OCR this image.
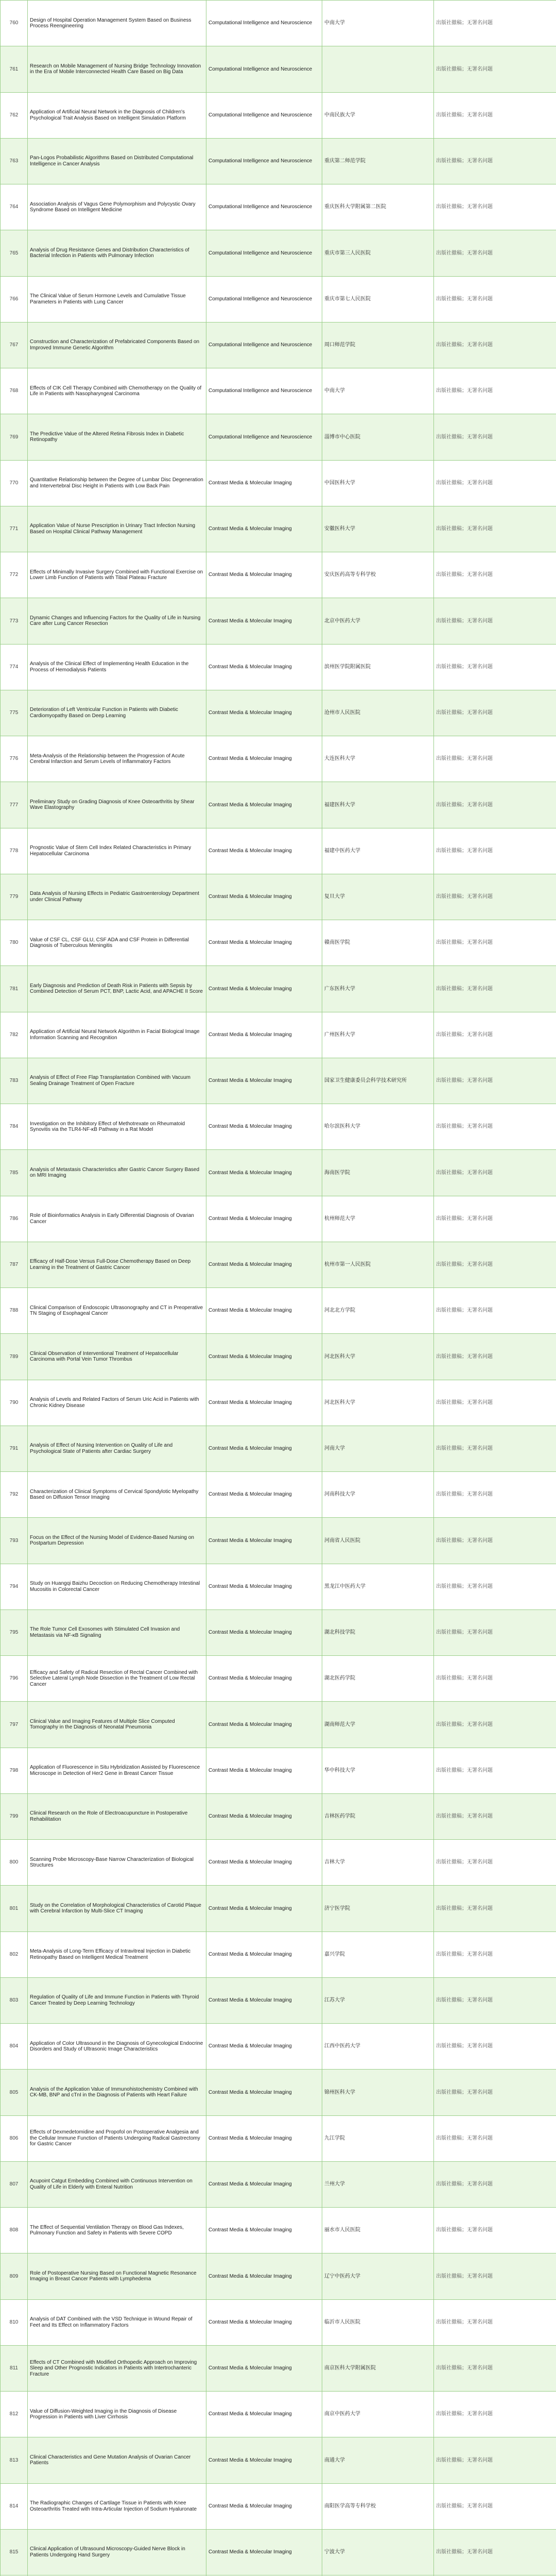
760	Design of Hospital Operation Management System Based on Business Process Reengineering	Computational Intelligence and Neuroscience	中南大学	出版社撤稿；无署名问题
761	Research on Mobile Management of Nursing Bridge Technology Innovation in the Era of Mobile Interconnected Health Care Based on Big Data	Computational Intelligence and Neuroscience		出版社撤稿；无署名问题
762	Application of Artificial Neural Network in the Diagnosis of Children's Psychological Trait Analysis Based on Intelligent Simulation Platform	Computational Intelligence and Neuroscience	中南民族大学	出版社撤稿；无署名问题
763	Pan-Logos Probabilistic Algorithms Based on Distributed Computational Intelligence in Cancer Analysis	Computational Intelligence and Neuroscience	重庆第二师范学院	出版社撤稿；无署名问题
764	Association Analysis of Vagus Gene Polymorphism and Polycystic Ovary Syndrome Based on Intelligent Medicine	Computational Intelligence and Neuroscience	重庆医科大学附属第二医院	出版社撤稿；无署名问题
765	Analysis of Drug Resistance Genes and Distribution Characteristics of Bacterial Infection in Patients with Pulmonary Infection	Computational Intelligence and Neuroscience	重庆市第三人民医院	出版社撤稿；无署名问题
766	The Clinical Value of Serum Hormone Levels and Cumulative Tissue Parameters in Patients with Lung Cancer	Computational Intelligence and Neuroscience	重庆市第七人民医院	出版社撤稿；无署名问题
767	Construction and Characterization of Prefabricated Components Based on Improved Immune Genetic Algorithm	Computational Intelligence and Neuroscience	周口师范学院	出版社撤稿；无署名问题
768	Effects of CIK Cell Therapy Combined with Chemotherapy on the Quality of Life in Patients with Nasopharyngeal Carcinoma	Computational Intelligence and Neuroscience	中南大学	出版社撤稿；无署名问题
769	The Predictive Value of the Altered Retina Fibrosis Index in Diabetic Retinopathy	Computational Intelligence and Neuroscience	淄博市中心医院	出版社撤稿；无署名问题
770	Quantitative Relationship between the Degree of Lumbar Disc Degeneration and Intervertebral Disc Height in Patients with Low Back Pain	Contrast Media & Molecular Imaging	中国医科大学	出版社撤稿；无署名问题
771	Application Value of Nurse Prescription in Urinary Tract Infection Nursing Based on Hospital Clinical Pathway Management	Contrast Media & Molecular Imaging	安徽医科大学	出版社撤稿；无署名问题
772	Effects of Minimally Invasive Surgery Combined with Functional Exercise on Lower Limb Function of Patients with Tibial Plateau Fracture	Contrast Media & Molecular Imaging	安庆医药高等专科学校	出版社撤稿；无署名问题
773	Dynamic Changes and Influencing Factors for the Quality of Life in Nursing Care after Lung Cancer Resection	Contrast Media & Molecular Imaging	北京中医药大学	出版社撤稿；无署名问题
774	Analysis of the Clinical Effect of Implementing Health Education in the Process of Hemodialysis Patients	Contrast Media & Molecular Imaging	滨州医学院附属医院	出版社撤稿；无署名问题
775	Deterioration of Left Ventricular Function in Patients with Diabetic Cardiomyopathy Based on Deep Learning	Contrast Media & Molecular Imaging	沧州市人民医院	出版社撤稿；无署名问题
776	Meta-Analysis of the Relationship between the Progression of Acute Cerebral Infarction and Serum Levels of Inflammatory Factors	Contrast Media & Molecular Imaging	大连医科大学	出版社撤稿；无署名问题
777	Preliminary Study on Grading Diagnosis of Knee Osteoarthritis by Shear Wave Elastography	Contrast Media & Molecular Imaging	福建医科大学	出版社撤稿；无署名问题
778	Prognostic Value of Stem Cell Index Related Characteristics in Primary Hepatocellular Carcinoma	Contrast Media & Molecular Imaging	福建中医药大学	出版社撤稿；无署名问题
779	Data Analysis of Nursing Effects in Pediatric Gastroenterology Department under Clinical Pathway	Contrast Media & Molecular Imaging	复旦大学	出版社撤稿；无署名问题
780	Value of CSF CL, CSF GLU, CSF ADA and CSF Protein in Differential Diagnosis of Tuberculous Meningitis	Contrast Media & Molecular Imaging	赣南医学院	出版社撤稿；无署名问题
781	Early Diagnosis and Prediction of Death Risk in Patients with Sepsis by Combined Detection of Serum PCT, BNP, Lactic Acid, and APACHE II Score	Contrast Media & Molecular Imaging	广东医科大学	出版社撤稿；无署名问题
782	Application of Artificial Neural Network Algorithm in Facial Biological Image Information Scanning and Recognition	Contrast Media & Molecular Imaging	广州医科大学	出版社撤稿；无署名问题
783	Analysis of Effect of Free Flap Transplantation Combined with Vacuum Sealing Drainage Treatment of Open Fracture	Contrast Media & Molecular Imaging	国家卫生健康委员会科学技术研究所	出版社撤稿；无署名问题
784	Investigation on the Inhibitory Effect of Methotrexate on Rheumatoid Synovitis via the TLR4-NF-κB Pathway in a Rat Model	Contrast Media & Molecular Imaging	哈尔滨医科大学	出版社撤稿；无署名问题
785	Analysis of Metastasis Characteristics after Gastric Cancer Surgery Based on MRI Imaging	Contrast Media & Molecular Imaging	海南医学院	出版社撤稿；无署名问题
786	Role of Bioinformatics Analysis in Early Differential Diagnosis of Ovarian Cancer	Contrast Media & Molecular Imaging	杭州师范大学	出版社撤稿；无署名问题
787	Efficacy of Half-Dose Versus Full-Dose Chemotherapy Based on Deep Learning in the Treatment of Gastric Cancer	Contrast Media & Molecular Imaging	杭州市第一人民医院	出版社撤稿；无署名问题
788	Clinical Comparison of Endoscopic Ultrasonography and CT in Preoperative TN Staging of Esophageal Cancer	Contrast Media & Molecular Imaging	河北北方学院	出版社撤稿；无署名问题
789	Clinical Observation of Interventional Treatment of Hepatocellular Carcinoma with Portal Vein Tumor Thrombus	Contrast Media & Molecular Imaging	河北医科大学	出版社撤稿；无署名问题
790	Analysis of Levels and Related Factors of Serum Uric Acid in Patients with Chronic Kidney Disease	Contrast Media & Molecular Imaging	河北医科大学	出版社撤稿；无署名问题
791	Analysis of Effect of Nursing Intervention on Quality of Life and Psychological State of Patients after Cardiac Surgery	Contrast Media & Molecular Imaging	河南大学	出版社撤稿；无署名问题
792	Characterization of Clinical Symptoms of Cervical Spondylotic Myelopathy Based on Diffusion Tensor Imaging	Contrast Media & Molecular Imaging	河南科技大学	出版社撤稿；无署名问题
793	Focus on the Effect of the Nursing Model of Evidence-Based Nursing on Postpartum Depression	Contrast Media & Molecular Imaging	河南省人民医院	出版社撤稿；无署名问题
794	Study on Huangqi Baizhu Decoction on Reducing Chemotherapy Intestinal Mucositis in Colorectal Cancer	Contrast Media & Molecular Imaging	黑龙江中医药大学	出版社撤稿；无署名问题
795	The Role Tumor Cell Exosomes with Stimulated Cell Invasion and Metastasis via NF-κB Signaling	Contrast Media & Molecular Imaging	湖北科技学院	出版社撤稿；无署名问题
796	Efficacy and Safety of Radical Resection of Rectal Cancer Combined with Selective Lateral Lymph Node Dissection in the Treatment of Low Rectal Cancer	Contrast Media & Molecular Imaging	湖北医药学院	出版社撤稿；无署名问题
797	Clinical Value and Imaging Features of Multiple Slice Computed Tomography in the Diagnosis of Neonatal Pneumonia	Contrast Media & Molecular Imaging	湖南师范大学	出版社撤稿；无署名问题
798	Application of Fluorescence in Situ Hybridization Assisted by Fluorescence Microscope in Detection of Her2 Gene in Breast Cancer Tissue	Contrast Media & Molecular Imaging	华中科技大学	出版社撤稿；无署名问题
799	Clinical Research on the Role of Electroacupuncture in Postoperative Rehabilitation	Contrast Media & Molecular Imaging	吉林医药学院	出版社撤稿；无署名问题
800	Scanning Probe Microscopy-Base Narrow Characterization of Biological Structures	Contrast Media & Molecular Imaging	吉林大学	出版社撤稿；无署名问题
801	Study on the Correlation of Morphological Characteristics of Carotid Plaque with Cerebral Infarction by Multi-Slice CT Imaging	Contrast Media & Molecular Imaging	济宁医学院	出版社撤稿；无署名问题
802	Meta-Analysis of Long-Term Efficacy of Intravitreal Injection in Diabetic Retinopathy Based on Intelligent Medical Treatment	Contrast Media & Molecular Imaging	嘉兴学院	出版社撤稿；无署名问题
803	Regulation of Quality of Life and Immune Function in Patients with Thyroid Cancer Treated by Deep Learning Technology	Contrast Media & Molecular Imaging	江苏大学	出版社撤稿；无署名问题
804	Application of Color Ultrasound in the Diagnosis of Gynecological Endocrine Disorders and Study of Ultrasonic Image Characteristics	Contrast Media & Molecular Imaging	江西中医药大学	出版社撤稿；无署名问题
805	Analysis of the Application Value of Immunohistochemistry Combined with CK-MB, BNP and cTnI in the Diagnosis of Patients with Heart Failure	Contrast Media & Molecular Imaging	锦州医科大学	出版社撤稿；无署名问题
806	Effects of Dexmedetomidine and Propofol on Postoperative Analgesia and the Cellular Immune Function of Patients Undergoing Radical Gastrectomy for Gastric Cancer	Contrast Media & Molecular Imaging	九江学院	出版社撤稿；无署名问题
807	Acupoint Catgut Embedding Combined with Continuous Intervention on Quality of Life in Elderly with Enteral Nutrition	Contrast Media & Molecular Imaging	兰州大学	出版社撤稿；无署名问题
808	The Effect of Sequential Ventilation Therapy on Blood Gas Indexes, Pulmonary Function and Safety in Patients with Severe COPD	Contrast Media & Molecular Imaging	丽水市人民医院	出版社撤稿；无署名问题
809	Role of Postoperative Nursing Based on Functional Magnetic Resonance Imaging in Breast Cancer Patients with Lymphedema	Contrast Media & Molecular Imaging	辽宁中医药大学	出版社撤稿；无署名问题
810	Analysis of DAT Combined with the VSD Technique in Wound Repair of Feet and Its Effect on Inflammatory Factors	Contrast Media & Molecular Imaging	临沂市人民医院	出版社撤稿；无署名问题
811	Effects of CT Combined with Modified Orthopedic Approach on Improving Sleep and Other Prognostic Indicators in Patients with Intertrochanteric Fracture	Contrast Media & Molecular Imaging	南京医科大学附属医院	出版社撤稿；无署名问题
812	Value of Diffusion-Weighted Imaging in the Diagnosis of Disease Progression in Patients with Liver Cirrhosis	Contrast Media & Molecular Imaging	南京中医药大学	出版社撤稿；无署名问题
813	Clinical Characteristics and Gene Mutation Analysis of Ovarian Cancer Patients	Contrast Media & Molecular Imaging	南通大学	出版社撤稿；无署名问题
814	The Radiographic Changes of Cartilage Tissue in Patients with Knee Osteoarthritis Treated with Intra-Articular Injection of Sodium Hyaluronate	Contrast Media & Molecular Imaging	南阳医学高等专科学校	出版社撤稿；无署名问题
815	Clinical Application of Ultrasound Microscopy-Guided Nerve Block in Patients Undergoing Hand Surgery	Contrast Media & Molecular Imaging	宁波大学	出版社撤稿；无署名问题
